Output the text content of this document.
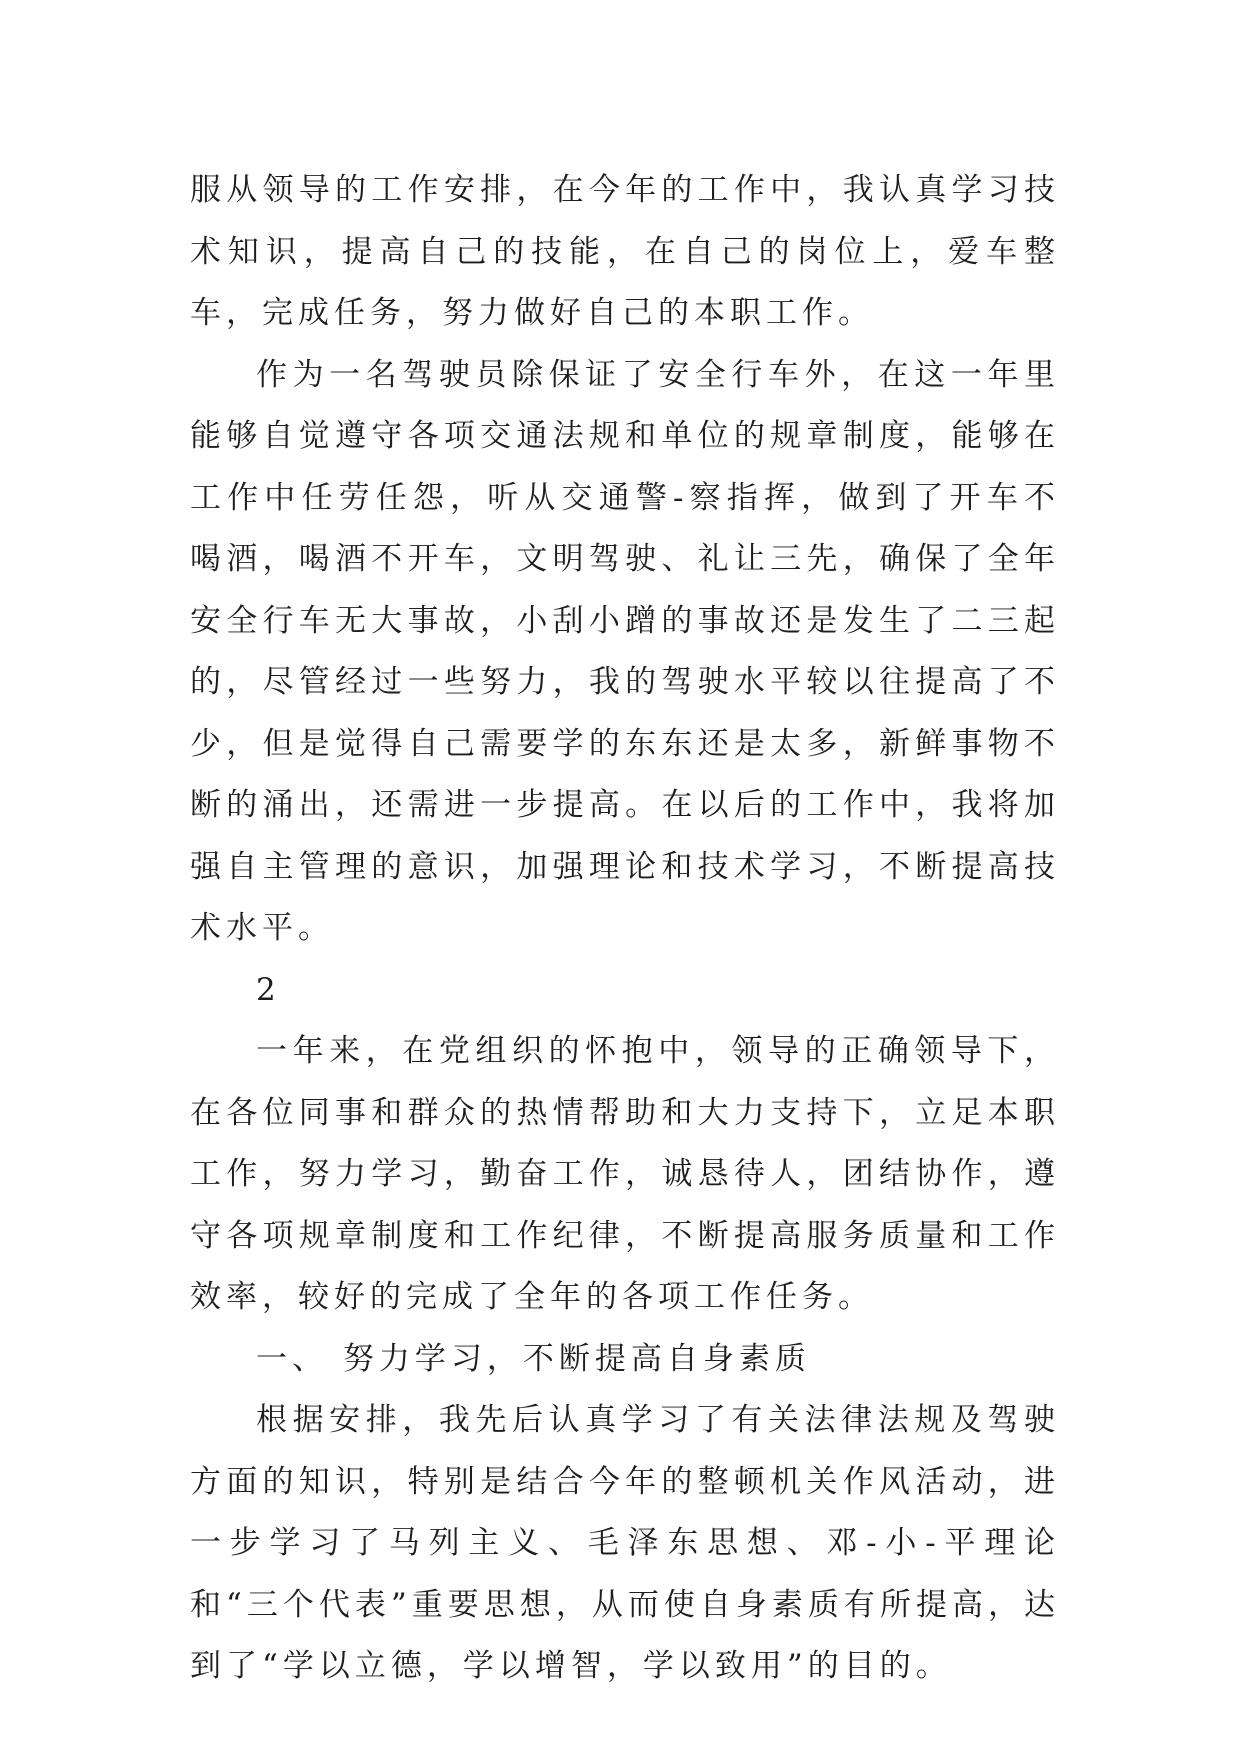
服从领导的工作安排，在今年的工作中，我认真学习技术知识，提高自己的技能，在自己的岗位上，爱车整车，完成任务，努力做好自己的本职工作。

作为一名驾驶员除保证了安全行车外，在这一年里能够自觉遵守各项交通法规和单位的规章制度，能够在工作中任劳任怨，听从交通警-察指挥，做到了开车不喝酒，喝酒不开车，文明驾驶、礼让三先，确保了全年安全行车无大事故，小刮小蹭的事故还是发生了二三起的，尽管经过一些努力，我的驾驶水平较以往提高了不少，但是觉得自己需要学的东东还是太多，新鲜事物不断的涌出，还需进一步提高。在以后的工作中，我将加强自主管理的意识，加强理论和技术学习，不断提高技术水平。

2

一年来，在党组织的怀抱中，领导的正确领导下，在各位同事和群众的热情帮助和大力支持下，立足本职工作，努力学习，勤奋工作，诚恳待人，团结协作，遵守各项规章制度和工作纪律，不断提高服务质量和工作效率，较好的完成了全年的各项工作任务。

一、 努力学习，不断提高自身素质

根据安排，我先后认真学习了有关法律法规及驾驶方面的知识，特别是结合今年的整顿机关作风活动，进一步学习了马列主义、毛泽东思想、邓-小-平理论和“三个代表”重要思想，从而使自身素质有所提高，达到了“学以立德，学以增智，学以致用”的目的。
